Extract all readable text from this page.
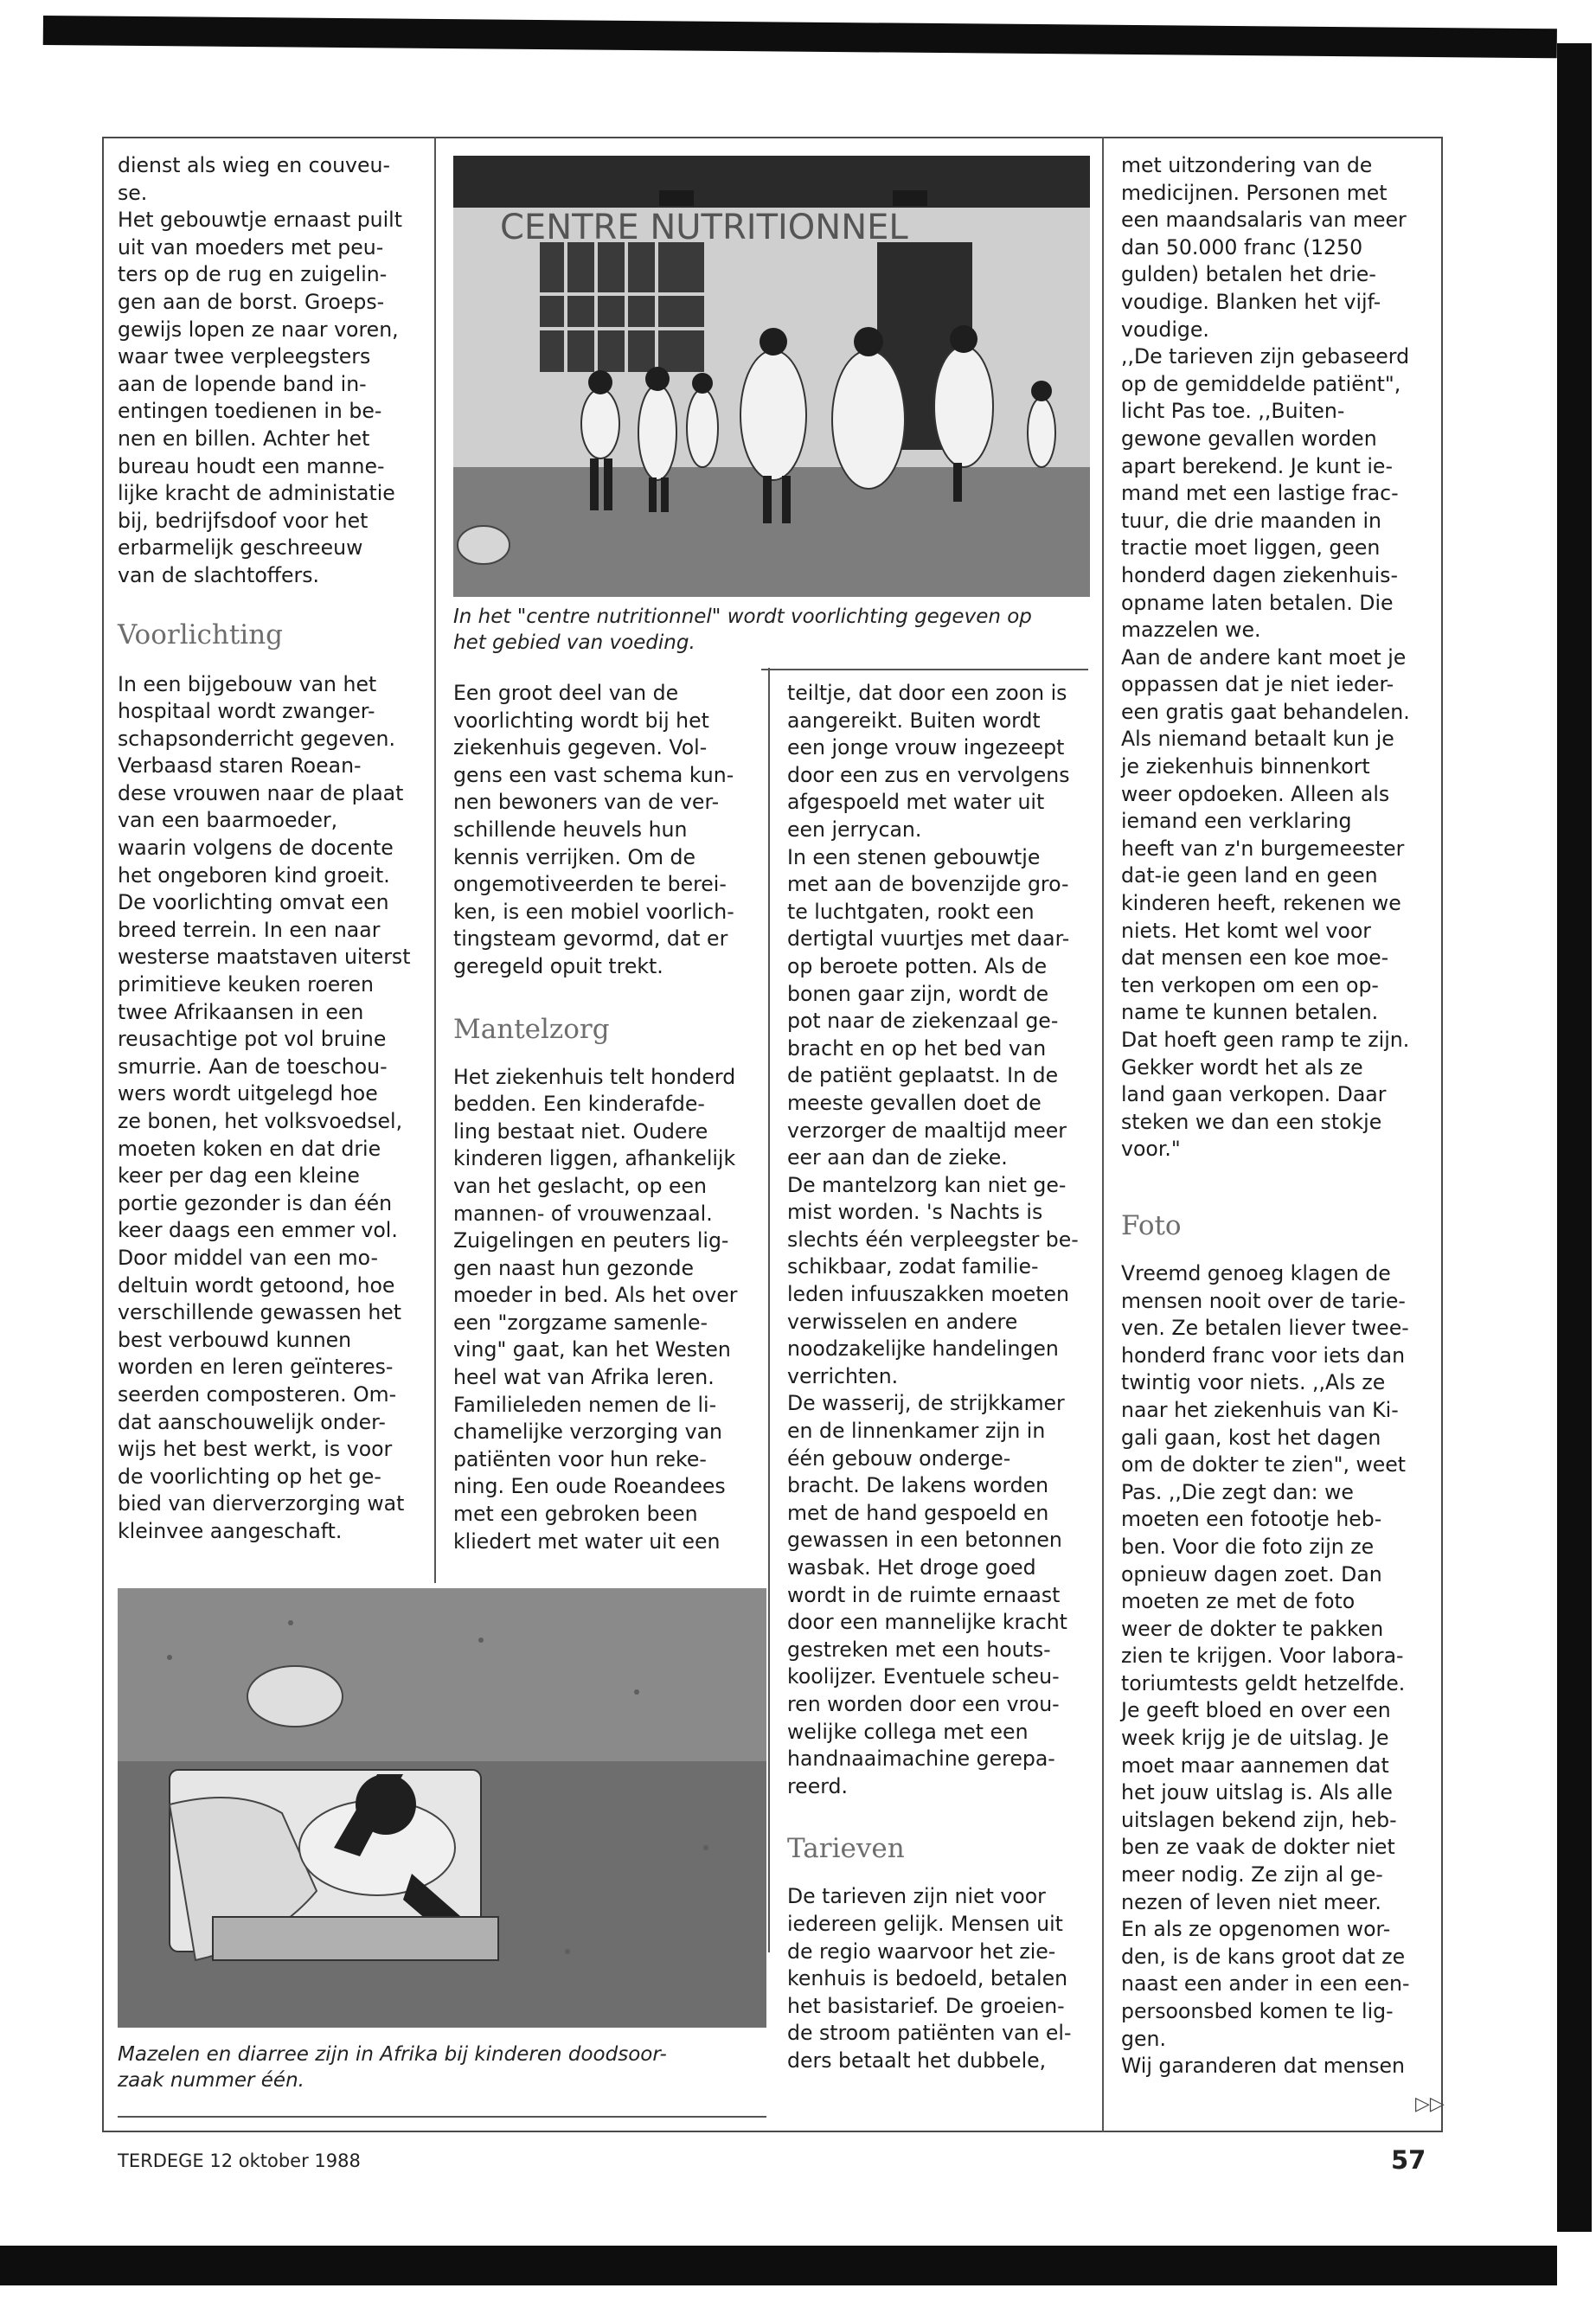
CENTRE NUTRITIONNEL
In het "centre nutritionnel" wordt voorlichting gegeven op
het gebied van voeding.
Mazelen en diarree zijn in Afrika bij kinderen doodsoor-
zaak nummer één.

dienst als wieg en couveu-
se.
Het gebouwtje ernaast puilt
uit van moeders met peu-
ters op de rug en zuigelin-
gen aan de borst. Groeps-
gewijs lopen ze naar voren,
waar twee verpleegsters
aan de lopende band in-
entingen toedienen in be-
nen en billen. Achter het
bureau houdt een manne-
lijke kracht de administatie
bij, bedrijfsdoof voor het
erbarmelijk geschreeuw
van de slachtoffers.

Voorlichting

In een bijgebouw van het
hospitaal wordt zwanger-
schapsonderricht gegeven.
Verbaasd staren Roean-
dese vrouwen naar de plaat
van een baarmoeder,
waarin volgens de docente
het ongeboren kind groeit.
De voorlichting omvat een
breed terrein. In een naar
westerse maatstaven uiterst
primitieve keuken roeren
twee Afrikaansen in een
reusachtige pot vol bruine
smurrie. Aan de toeschou-
wers wordt uitgelegd hoe
ze bonen, het volksvoedsel,
moeten koken en dat drie
keer per dag een kleine
portie gezonder is dan één
keer daags een emmer vol.
Door middel van een mo-
deltuin wordt getoond, hoe
verschillende gewassen het
best verbouwd kunnen
worden en leren geïnteres-
seerden composteren. Om-
dat aanschouwelijk onder-
wijs het best werkt, is voor
de voorlichting op het ge-
bied van dierverzorging wat
kleinvee aangeschaft.

Een groot deel van de
voorlichting wordt bij het
ziekenhuis gegeven. Vol-
gens een vast schema kun-
nen bewoners van de ver-
schillende heuvels hun
kennis verrijken. Om de
ongemotiveerden te berei-
ken, is een mobiel voorlich-
tingsteam gevormd, dat er
geregeld opuit trekt.

Mantelzorg

Het ziekenhuis telt honderd
bedden. Een kinderafde-
ling bestaat niet. Oudere
kinderen liggen, afhankelijk
van het geslacht, op een
mannen- of vrouwenzaal.
Zuigelingen en peuters lig-
gen naast hun gezonde
moeder in bed. Als het over
een "zorgzame samenle-
ving" gaat, kan het Westen
heel wat van Afrika leren.
Familieleden nemen de li-
chamelijke verzorging van
patiënten voor hun reke-
ning. Een oude Roeandees
met een gebroken been
kliedert met water uit een

teiltje, dat door een zoon is
aangereikt. Buiten wordt
een jonge vrouw ingezeept
door een zus en vervolgens
afgespoeld met water uit
een jerrycan.
In een stenen gebouwtje
met aan de bovenzijde gro-
te luchtgaten, rookt een
dertigtal vuurtjes met daar-
op beroete potten. Als de
bonen gaar zijn, wordt de
pot naar de ziekenzaal ge-
bracht en op het bed van
de patiënt geplaatst. In de
meeste gevallen doet de
verzorger de maaltijd meer
eer aan dan de zieke.
De mantelzorg kan niet ge-
mist worden. 's Nachts is
slechts één verpleegster be-
schikbaar, zodat familie-
leden infuuszakken moeten
verwisselen en andere
noodzakelijke handelingen
verrichten.
De wasserij, de strijkkamer
en de linnenkamer zijn in
één gebouw onderge-
bracht. De lakens worden
met de hand gespoeld en
gewassen in een betonnen
wasbak. Het droge goed
wordt in de ruimte ernaast
door een mannelijke kracht
gestreken met een houts-
koolijzer. Eventuele scheu-
ren worden door een vrou-
welijke collega met een
handnaaimachine gerepa-
reerd.

Tarieven

De tarieven zijn niet voor
iedereen gelijk. Mensen uit
de regio waarvoor het zie-
kenhuis is bedoeld, betalen
het basistarief. De groeien-
de stroom patiënten van el-
ders betaalt het dubbele,

met uitzondering van de
medicijnen. Personen met
een maandsalaris van meer
dan 50.000 franc (1250
gulden) betalen het drie-
voudige. Blanken het vijf-
voudige.
,,De tarieven zijn gebaseerd
op de gemiddelde patiënt",
licht Pas toe. ,,Buiten-
gewone gevallen worden
apart berekend. Je kunt ie-
mand met een lastige frac-
tuur, die drie maanden in
tractie moet liggen, geen
honderd dagen ziekenhuis-
opname laten betalen. Die
mazzelen we.
Aan de andere kant moet je
oppassen dat je niet ieder-
een gratis gaat behandelen.
Als niemand betaalt kun je
je ziekenhuis binnenkort
weer opdoeken. Alleen als
iemand een verklaring
heeft van z'n burgemeester
dat-ie geen land en geen
kinderen heeft, rekenen we
niets. Het komt wel voor
dat mensen een koe moe-
ten verkopen om een op-
name te kunnen betalen.
Dat hoeft geen ramp te zijn.
Gekker wordt het als ze
land gaan verkopen. Daar
steken we dan een stokje
voor."

Foto

Vreemd genoeg klagen de
mensen nooit over de tarie-
ven. Ze betalen liever twee-
honderd franc voor iets dan
twintig voor niets. ,,Als ze
naar het ziekenhuis van Ki-
gali gaan, kost het dagen
om de dokter te zien", weet
Pas. ,,Die zegt dan: we
moeten een fotootje heb-
ben. Voor die foto zijn ze
opnieuw dagen zoet. Dan
moeten ze met de foto
weer de dokter te pakken
zien te krijgen. Voor labora-
toriumtests geldt hetzelfde.
Je geeft bloed en over een
week krijg je de uitslag. Je
moet maar aannemen dat
het jouw uitslag is. Als alle
uitslagen bekend zijn, heb-
ben ze vaak de dokter niet
meer nodig. Ze zijn al ge-
nezen of leven niet meer.
En als ze opgenomen wor-
den, is de kans groot dat ze
naast een ander in een een-
persoonsbed komen te lig-
gen.
Wij garanderen dat mensen

▷▷
TERDEGE 12 oktober 1988	57
